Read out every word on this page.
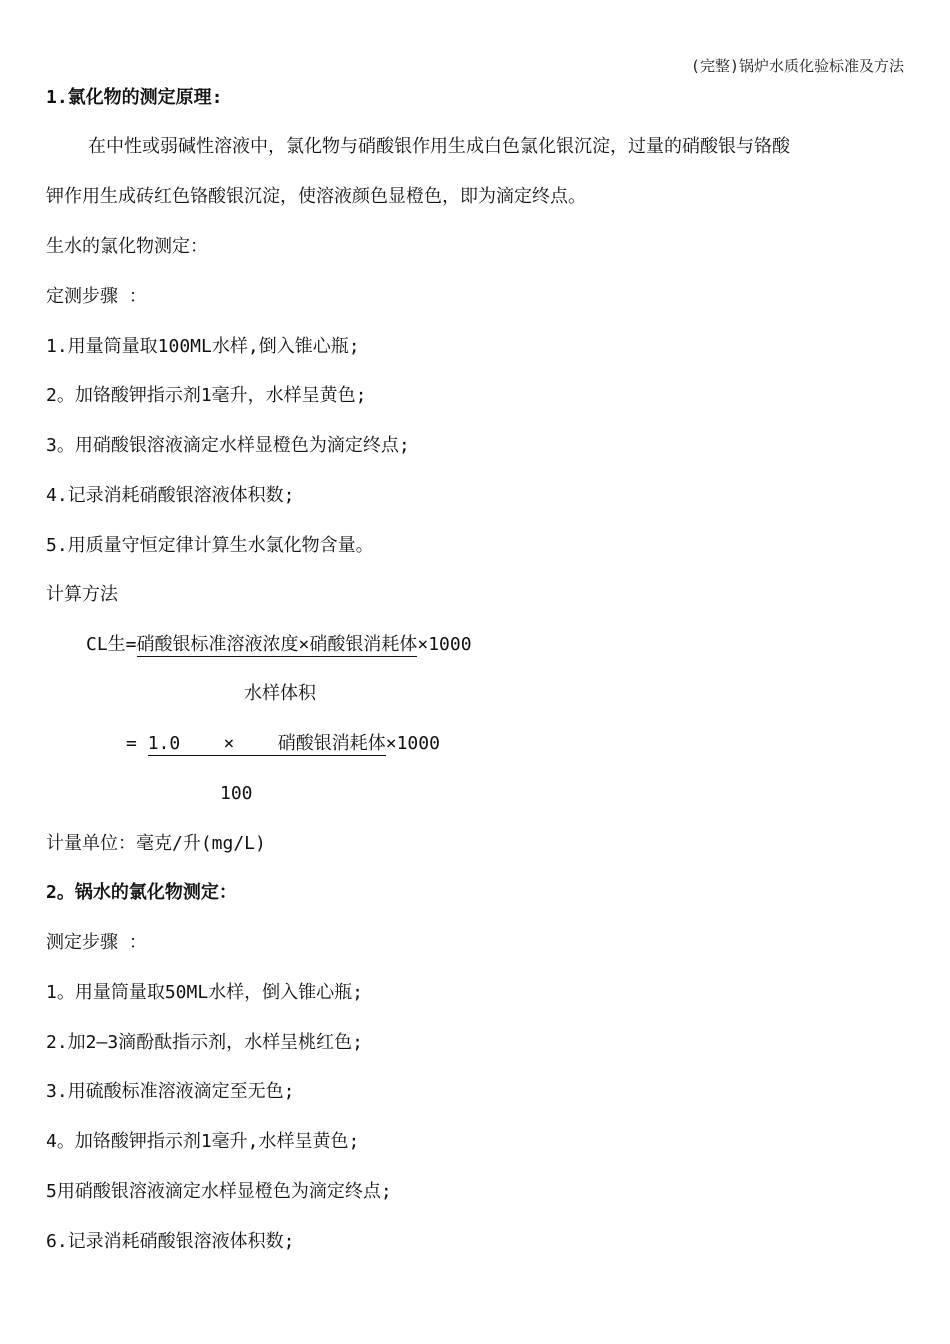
(完整)锅炉水质化验标准及方法
1.氯化物的测定原理:
在中性或弱碱性溶液中，氯化物与硝酸银作用生成白色氯化银沉淀，过量的硝酸银与铬酸
钾作用生成砖红色铬酸银沉淀，使溶液颜色显橙色，即为滴定终点。
生水的氯化物测定：
定测步骤 ：
1.用量筒量取100ML水样,倒入锥心瓶;
2。加铬酸钾指示剂1毫升，水样呈黄色;
3。用硝酸银溶液滴定水样显橙色为滴定终点;
4.记录消耗硝酸银溶液体积数;
5.用质量守恒定律计算生水氯化物含量。
计算方法
CL生=硝酸银标准溶液浓度×硝酸银消耗体×1000
水样体积
= 1.0    ×    硝酸银消耗体×1000
100
计量单位：毫克/升(mg/L)
2。锅水的氯化物测定：
测定步骤 ：
1。用量筒量取50ML水样，倒入锥心瓶;
2.加2—3滴酚酞指示剂，水样呈桃红色;
3.用硫酸标准溶液滴定至无色;
4。加铬酸钾指示剂1毫升,水样呈黄色;
5用硝酸银溶液滴定水样显橙色为滴定终点;
6.记录消耗硝酸银溶液体积数;
